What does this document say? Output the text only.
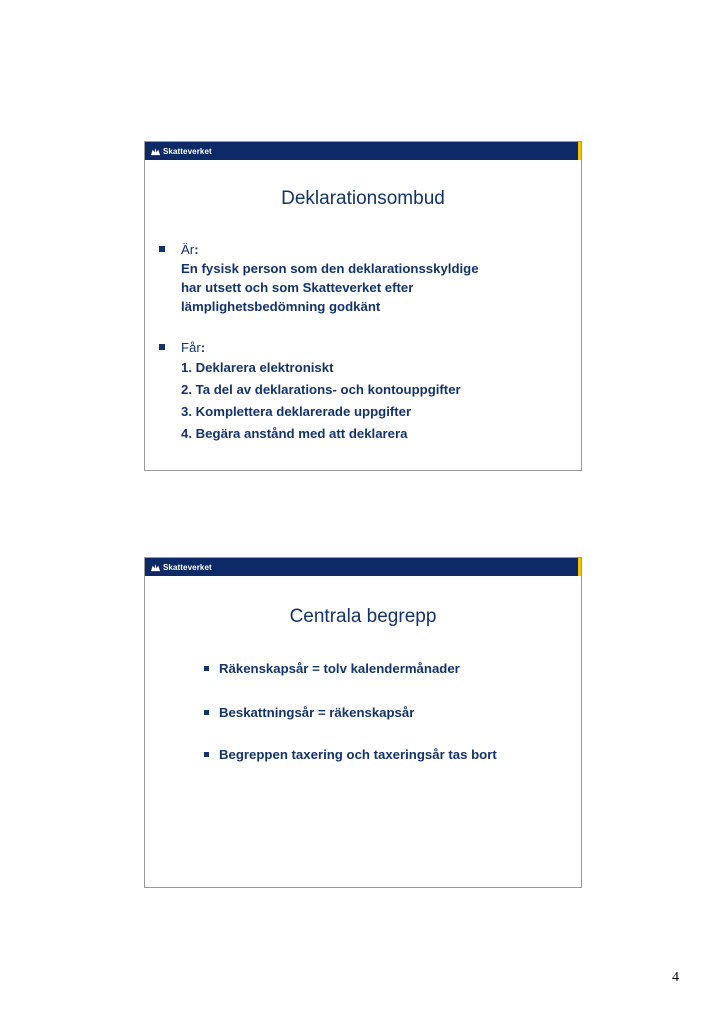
Skatteverket
Deklarationsombud
Är:
En fysisk person som den deklarationsskyldige
har utsett och som Skatteverket efter
lämplighetsbedömning godkänt
Får:

1. Deklarera elektroniskt
2. Ta del av deklarations- och kontouppgifter
3. Komplettera deklarerade uppgifter
4. Begära anstånd med att deklarera
Skatteverket
Centrala begrepp
Räkenskapsår = tolv kalendermånader
Beskattningsår = räkenskapsår
Begreppen taxering och taxeringsår tas bort
4
